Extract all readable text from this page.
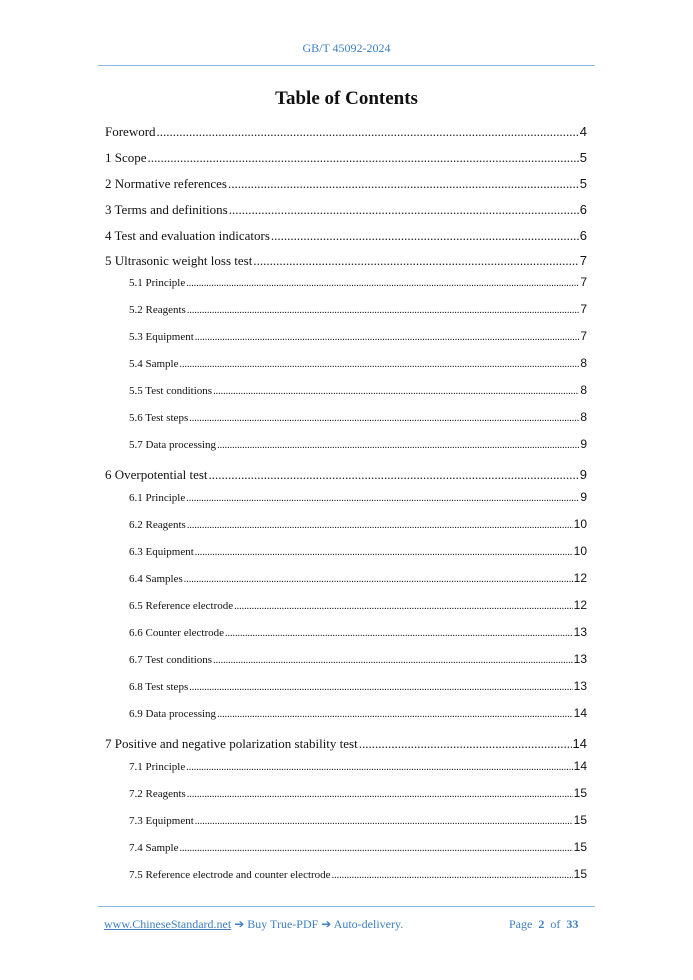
GB/T 45092-2024
Table of Contents
Foreword .....	4
1 Scope .....	5
2 Normative references .....	5
3 Terms and definitions .....	6
4 Test and evaluation indicators .....	6
5 Ultrasonic weight loss test .....	7
5.1 Principle .....	7
5.2 Reagents .....	7
5.3 Equipment .....	7
5.4 Sample .....	8
5.5 Test conditions .....	8
5.6 Test steps .....	8
5.7 Data processing .....	9
6 Overpotential test .....	9
6.1 Principle .....	9
6.2 Reagents .....	10
6.3 Equipment .....	10
6.4 Samples .....	12
6.5 Reference electrode .....	12
6.6 Counter electrode .....	13
6.7 Test conditions .....	13
6.8 Test steps .....	13
6.9 Data processing .....	14
7 Positive and negative polarization stability test .....	14
7.1 Principle .....	14
7.2 Reagents .....	15
7.3 Equipment .....	15
7.4 Sample .....	15
7.5 Reference electrode and counter electrode .....	15
www.ChineseStandard.net ➔ Buy True-PDF ➔ Auto-delivery.	Page 2 of 33
